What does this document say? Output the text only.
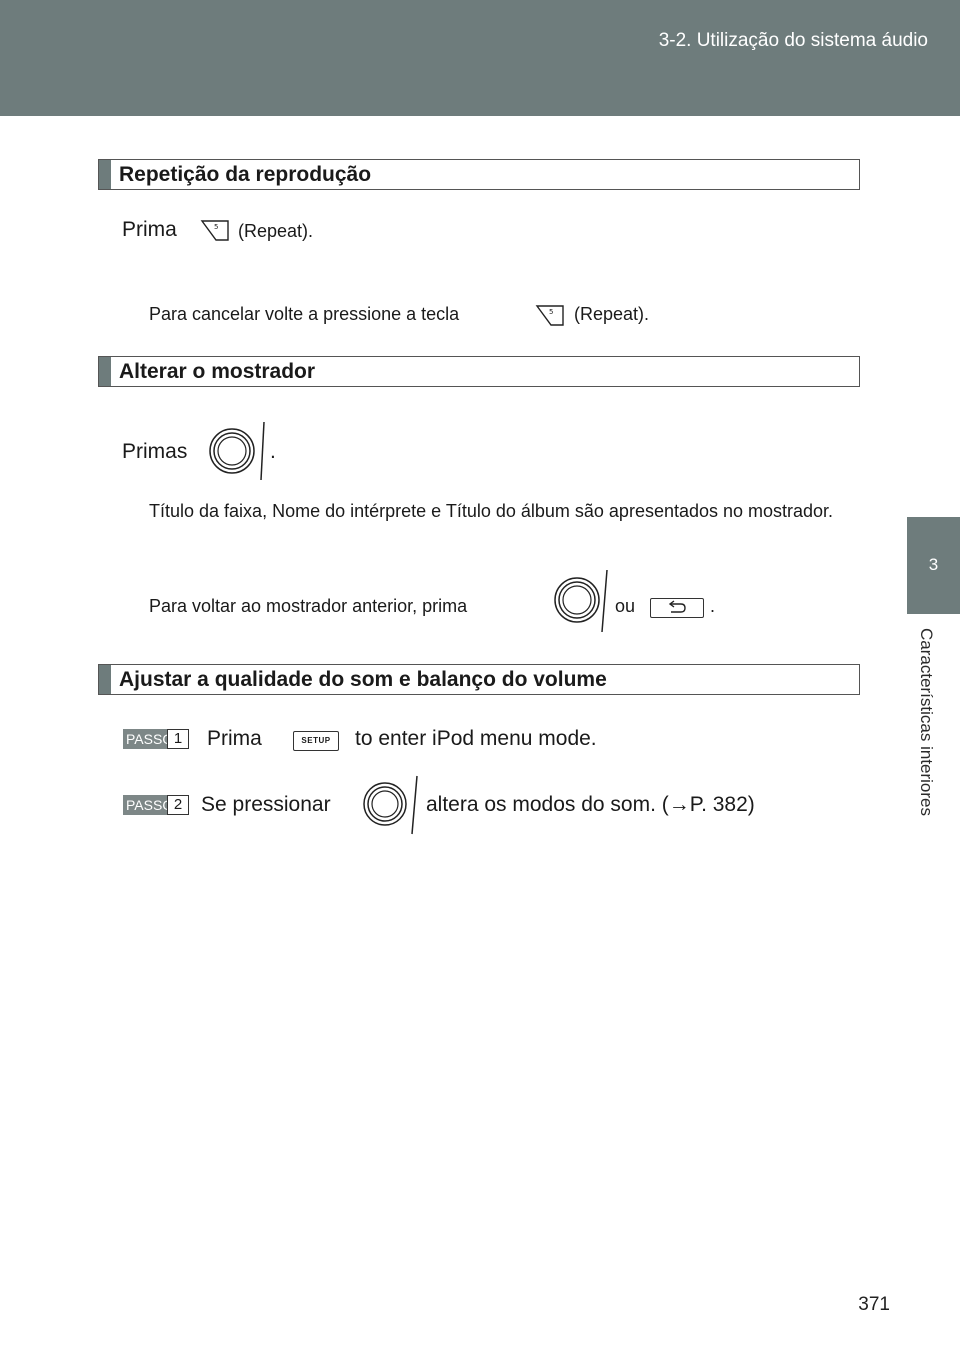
3-2. Utilização do sistema áudio
3
Características interiores
Repetição da reprodução
Prima	5 (Repeat).
Para cancelar volte a pressione a tecla	5 (Repeat).
Alterar o mostrador
Primas	.
Título da faixa, Nome do intérprete e Título do álbum são apresentados no mostrador.
Para voltar ao mostrador anterior, prima	ou	.
Ajustar a qualidade do som e balanço do volume
PASSO 1	Prima	SETUP	to enter iPod menu mode.
PASSO 2 Se pressionar	altera os modos do som. (→P. 382)
371
